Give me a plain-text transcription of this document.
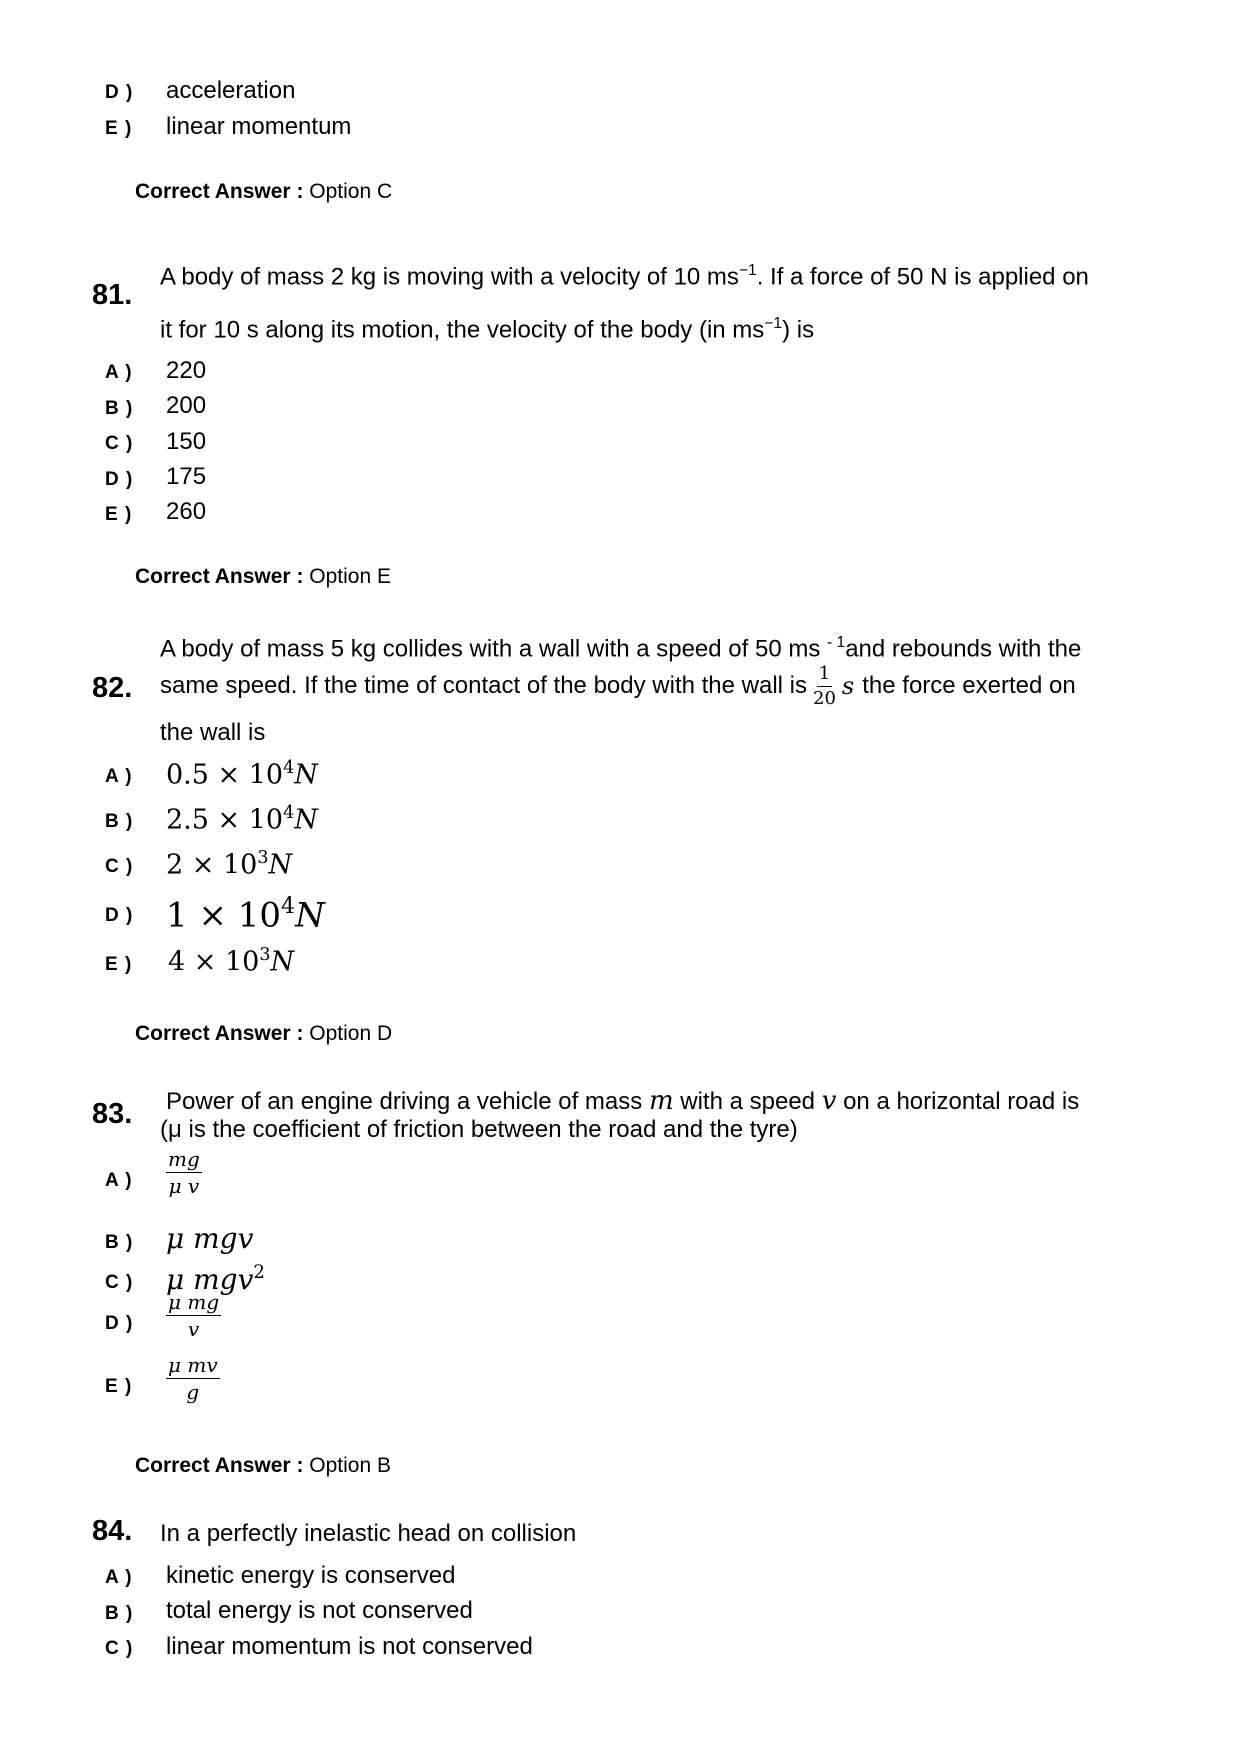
D ) acceleration
E ) linear momentum
Correct Answer : Option C
81.
A body of mass 2 kg is moving with a velocity of 10 $ms^{-1}$. If a force of 50 N is applied on
it for 10 s along its motion, the velocity of the body (in $ms^{-1}$) is
A ) 220
B ) 200
C ) 150
D ) 175
E ) 260
Correct Answer : Option E
A body of mass 5 kg collides with a wall with a speed of 50 ms $^{- 1}$and rebounds with the
82. same speed. If the time of contact of the body with the wall is $\frac{1}{20}$ s the force exerted on
the wall is
A ) $0.5 \times 10^4N$
B ) $2.5 \times 10^4N$
C ) $2 \times 10^3N$
D ) $1 \times 10^4N$
E ) $4 \times 10^3N$
Correct Answer : Option D
Power of an engine driving a vehicle of mass m with a speed v on a horizontal road is
83. (μ is the coefficient of friction between the road and the tyre)
A ) $\frac{mg}{\text{μ v}}$
B ) μ mgv
C ) μ mgv$^2$
D ) $\frac{\text{μ mg}}{v}$
E ) $\frac{\text{μ mv}}{g}$
Correct Answer : Option B
84. In a perfectly inelastic head on collision
A ) kinetic energy is conserved
B ) total energy is not conserved
C ) linear momentum is not conserved
